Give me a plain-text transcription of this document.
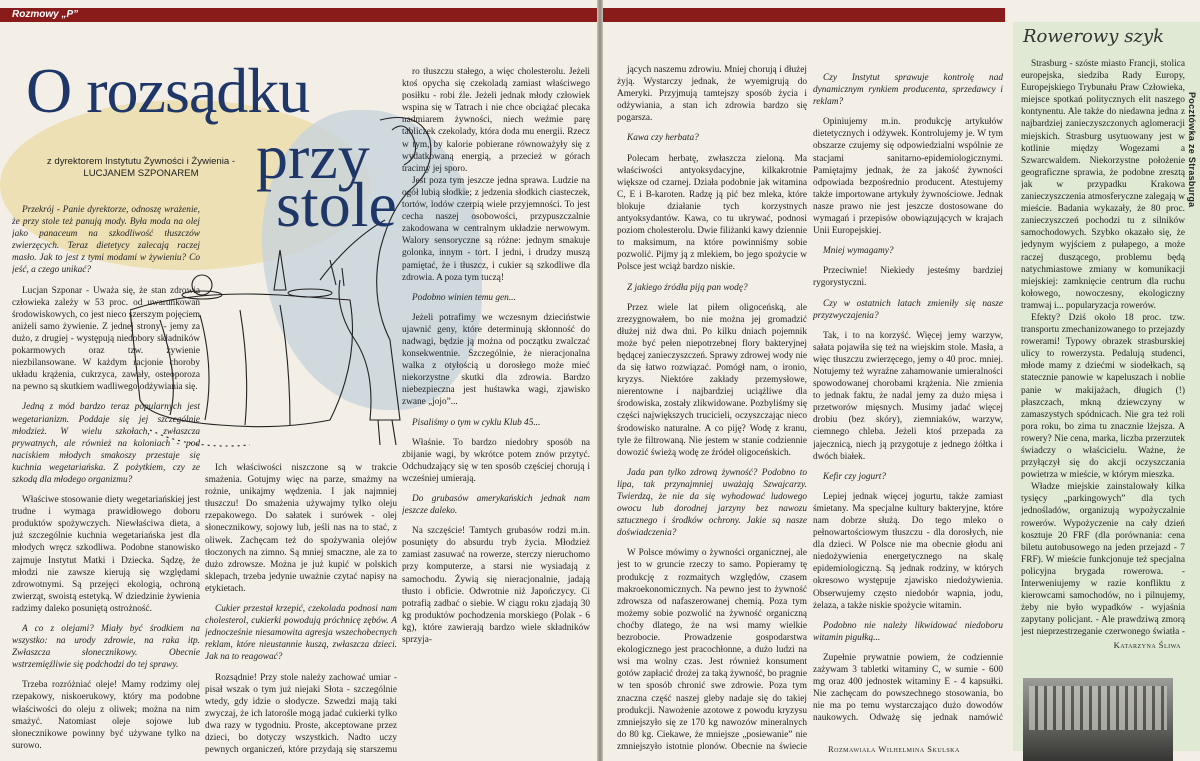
Rozmowy „P”
O rozsądku
przy
stole
z dyrektorem Instytutu Żywności i Żywienia - LUCJANEM SZPONAREM

Przekrój - Panie dyrektorze, odnoszę wrażenie, że przy stole też panują mody. Była moda na olej jako panaceum na szkodliwość tłuszczów zwierzęcych. Teraz dietetycy zalecają raczej masło. Jak to jest z tymi modami w żywieniu? Co jeść, a czego unikać?

Lucjan Szponar - Uważa się, że stan zdrowia człowieka zależy w 53 proc. od uwarunkowań środowiskowych, co jest nieco szerszym pojęciem aniżeli samo żywienie. Z jednej strony - jemy za dużo, z drugiej - występują niedobory składników pokarmowych oraz tzw. żywienie niezbilansowane. W każdym racjonie choroby układu krążenia, cukrzyca, zawały, osteoporoza na pewno są skutkiem wadliwego odżywiania się.

Jedną z mód bardzo teraz popularnych jest wegetarianizm. Poddaje się jej szczególnie młodzież. W wielu szkołach, zwłaszcza prywatnych, ale również na koloniach - pod naciskiem młodych smakoszy przestaje się kuchnia wegetariańska. Z pożytkiem, czy ze szkodą dla młodego organizmu?

Właściwe stosowanie diety wegetariańskiej jest trudne i wymaga prawidłowego doboru produktów spożywczych. Niewłaściwa dieta, a już szczególnie kuchnia wegetariańska jest dla młodych wręcz szkodliwa. Podobne stanowisko zajmuje Instytut Matki i Dziecka. Sądzę, że młodzi nie zawsze kierują się względami zdrowotnymi. Są przejęci ekologią, ochroną zwierząt, swoistą estetyką. W dziedzinie żywienia radzimy daleko posuniętą ostrożność.

A co z olejami? Miały być środkiem na wszystko: na urody zdrowie, na raka itp. Zwłaszcza słonecznikowy. Obecnie wstrzemięźliwie się podchodzi do tej sprawy.

Trzeba rozróżniać oleje! Mamy rodzimy olej rzepakowy, niskoerukowy, który ma podobne właściwości do oleju z oliwek; można na nim smażyć. Natomiast oleje sojowe lub słonecznikowe powinny być używane tylko na surowo.

Ich właściwości niszczone są w trakcie smażenia. Gotujmy więc na parze, smażmy na rożnie, unikajmy wędzenia. I jak najmniej tłuszczu! Do smażenia używajmy tylko oleju rzepakowego. Do sałatek i surówek - olej słonecznikowy, sojowy lub, jeśli nas na to stać, z oliwek. Zachęcam też do spożywania olejów tłoczonych na zimno. Są mniej smaczne, ale za to dużo zdrowsze. Można je już kupić w polskich sklepach, trzeba jedynie uważnie czytać napisy na etykietach.

Cukier przestał krzepić, czekolada podnosi nam cholesterol, cukierki powodują próchnicę zębów. A jednocześnie niesamowita agresja wszechobecnych reklam, które nieustannie kuszą, zwłaszcza dzieci. Jak na to reagować?

Rozsądnie! Przy stole należy zachować umiar - pisał wszak o tym już niejaki Słota - szczególnie wtedy, gdy idzie o słodycze. Szwedzi mają taki zwyczaj, że ich latorośle mogą jadać cukierki tylko dwa razy w tygodniu. Proste, akceptowane przez dzieci, bo dotyczy wszystkich. Nadto uczy pewnych organiczeń, które przydają się starszemu

ro tłuszczu stałego, a więc cholesterolu. Jeżeli ktoś opycha się czekoladą zamiast właściwego posiłku - robi źle. Jeżeli jednak młody człowiek wspina się w Tatrach i nie chce obciążać plecaka nadmiarem żywności, niech weźmie parę tabliczek czekolady, która doda mu energii. Rzecz w tym, by kalorie pobierane równoważyły się z wydatkowaną energią, a przecież w górach tracimy jej sporo.

Jest poza tym jeszcze jedna sprawa. Ludzie na ogół lubią słodkie; z jedzenia słodkich ciasteczek, tortów, lodów czerpią wiele przyjemności. To jest cecha naszej osobowości, przypuszczalnie zakodowana w centralnym układzie nerwowym. Walory sensoryczne są różne: jednym smakuje golonka, innym - tort. I jedni, i drudzy muszą pamiętać, że i tłuszcz, i cukier są szkodliwe dla zdrowia. A poza tym tuczą!

Podobno winien temu gen...

Jeżeli potrafimy we wczesnym dzieciństwie ujawnić geny, które determinują skłonność do nadwagi, będzie ją można od początku zwalczać konsekwentnie. Szczególnie, że nieracjonalna walka z otyłością u dorosłego może mieć niekorzystne skutki dla zdrowia. Bardzo niebezpieczna jest huśtawka wagi, zjawisko zwane „jojo”...

Pisaliśmy o tym w cyklu Klub 45...

Właśnie. To bardzo niedobry sposób na zbijanie wagi, by wkrótce potem znów przytyć. Odchudzający się w ten sposób częściej chorują i wcześniej umierają.

Do grubasów amerykańskich jednak nam jeszcze daleko.

Na szczęście! Tamtych grubasów rodzi m.in. posunięty do absurdu tryb życia. Młodzież zamiast zasuwać na rowerze, sterczy nieruchomo przy komputerze, a starsi nie wysiadają z samochodu. Żywią się nieracjonalnie, jadają tłusto i obficie. Odwrotnie niż Japończycy. Ci potrafią zadbać o siebie. W ciągu roku zjadają 30 kg produktów pochodzenia morskiego (Polak - 6 kg), które zawierają bardzo wiele składników sprzyja-

jących naszemu zdrowiu. Mniej chorują i dłużej żyją. Wystarczy jednak, że wyemigrują do Ameryki. Przyjmują tamtejszy sposób życia i odżywiania, a stan ich zdrowia bardzo się pogarsza.

Kawa czy herbata?

Polecam herbatę, zwłaszcza zieloną. Ma właściwości antyoksydacyjne, kilkakrotnie większe od czarnej. Działa podobnie jak witamina C, E i B-karoten. Radzę ją pić bez mleka, które blokuje działanie tych korzystnych antyoksydantów. Kawa, co tu ukrywać, podnosi poziom cholesterolu. Dwie filiżanki kawy dziennie to maksimum, na które powinniśmy sobie pozwolić. Pijmy ją z mlekiem, bo jego spożycie w Polsce jest wciąż bardzo niskie.

Z jakiego źródła piją pan wodę?

Przez wiele lat piłem oligoceńską, ale zrezygnowałem, bo nie można jej gromadzić dłużej niż dwa dni. Po kilku dniach pojemnik może być pełen niepotrzebnej flory bakteryjnej będącej zanieczyszczeń. Sprawy zdrowej wody nie da się łatwo rozwiązać. Pomógł nam, o ironio, kryzys. Niektóre zakłady przemysłowe, nierentowne i najbardziej uciążliwe dla środowiska, zostały zlikwidowane. Pozbyliśmy się części największych trucicieli, oczyszczając nieco środowisko naturalne. A co piję? Wodę z kranu, tyle że filtrowaną. Nie jestem w stanie codziennie dowozić świeżą wodę ze źródeł oligoceńskich.

Jada pan tylko zdrową żywność? Podobno to lipa, tak przynajmniej uważają Szwajcarzy. Twierdzą, że nie da się wyhodować ludowego owocu lub dorodnej jarzyny bez nawozu sztucznego i środków ochrony. Jakie są nasze doświadczenia?

W Polsce mówimy o żywności organicznej, ale jest to w gruncie rzeczy to samo. Popieramy tę produkcję z rozmaitych względów, czasem makroekonomicznych. Na pewno jest to żywność zdrowsza od nafaszerowanej chemią. Poza tym możemy sobie pozwolić na żywność organiczną choćby dlatego, że na wsi mamy wielkie bezrobocie. Prowadzenie gospodarstwa ekologicznego jest pracochłonne, a dużo ludzi na wsi ma wolny czas. Jest również konsument gotów zapłacić drożej za taką żywność, bo pragnie w ten sposób chronić swe zdrowie. Poza tym znaczna część naszej gleby nadaje się do takiej produkcji. Nawożenie azotowe z powodu kryzysu zmniejszyło się ze 170 kg nawozów mineralnych do 80 kg. Ciekawe, że mniejsze „posiewanie” nie zmniejszyło istotnie plonów. Obecnie na świecie

Czy Instytut sprawuje kontrolę nad dynamicznym rynkiem producenta, sprzedawcy i reklam?

Opiniujemy m.in. produkcję artykułów dietetycznych i odżywek. Kontrolujemy je. W tym obszarze czujemy się odpowiedzialni wspólnie ze stacjami sanitarno-epidemiologicznymi. Pamiętajmy jednak, że za jakość żywności odpowiada bezpośrednio producent. Atestujemy także importowane artykuły żywnościowe. Jednak nasze prawo nie jest jeszcze dostosowane do wymagań i przepisów obowiązujących w krajach Unii Europejskiej.

Mniej wymagamy?

Przeciwnie! Niekiedy jesteśmy bardziej rygorystyczni.

Czy w ostatnich latach zmieniły się nasze przyzwyczajenia?

Tak, i to na korzyść. Więcej jemy warzyw, sałata pojawiła się też na wiejskim stole. Masła, a więc tłuszczu zwierzęcego, jemy o 40 proc. mniej. Notujemy też wyraźne zahamowanie umieralności spowodowanej chorobami krążenia. Nie zmienia to jednak faktu, że nadal jemy za dużo mięsa i przetworów mięsnych. Musimy jadać więcej drobiu (bez skóry), ziemniaków, warzyw, ciemnego chleba. Jeżeli ktoś przepada za jajecznicą, niech ją przygotuje z jednego żółtka i dwóch białek.

Kefir czy jogurt?

Lepiej jednak więcej jogurtu, także zamiast śmietany. Ma specjalne kultury bakteryjne, które nam dobrze służą. Do tego mleko o pełnowartościowym tłuszczu - dla dorosłych, nie dla dzieci. W Polsce nie ma obecnie głodu ani niedożywienia energetycznego na skalę epidemiologiczną. Są jednak rodziny, w których okresowo występuje zjawisko niedożywienia. Obserwujemy często niedobór wapnia, jodu, żelaza, a także niskie spożycie witamin.

Podobno nie należy likwidować niedoboru witamin pigułką...

Zupełnie prywatnie powiem, że codziennie zażywam 3 tabletki witaminy C, w sumie - 600 mg oraz 400 jednostek witaminy E - 4 kapsułki. Nie zachęcam do powszechnego stosowania, bo nie ma po temu wystarczająco dużo dowodów naukowych. Odważę się jednak namówić

Rozmawiała Wilhelmina Skulska
Rowerowy szyk
Pocztówka ze Strasburga

Strasburg - szóste miasto Francji, stolica europejska, siedziba Rady Europy, Europejskiego Trybunału Praw Człowieka, miejsce spotkań politycznych elit naszego kontynentu. Ale także do niedawna jedna z najbardziej zanieczyszczonych aglomeracji miejskich. Strasburg usytuowany jest w kotlinie między Wogezami a Szwarcwaldem. Niekorzystne położenie geograficzne sprawia, że podobne zresztą jak w przypadku Krakowa zanieczyszczenia atmosferyczne zalegają w mieście. Badania wykazały, że 80 proc. zanieczyszczeń pochodzi tu z silników samochodowych. Szybko okazało się, że jedynym wyjściem z pułapego, a może raczej duszącego, problemu będą natychmiastowe zmiany w komunikacji miejskiej: zamknięcie centrum dla ruchu kołowego, nowoczesny, ekologiczny tramwaj i... popularyzacja rowerów.

Efekty? Dziś około 18 proc. tzw. transportu zmechanizowanego to przejazdy rowerami! Typowy obrazek strasburskiej ulicy to rowerzysta. Pedalują studenci, młode mamy z dziećmi w siodełkach, są statecznie panowie w kapeluszach i noblie panie w makijażach, długich (!) płaszczach, mkną dziewczyny w zamaszystych spódnicach. Nie gra też roli pora roku, bo zima tu znacznie lżejsza. A rowery? Nie cena, marka, liczba przerzutek świadczy o właścicielu. Ważne, że przyłączył się do akcji oczyszczania powietrza w mieście, w którym mieszka.

Władze miejskie zainstalowały kilka tysięcy „parkingowych” dla tych jednośladów, organizują wypożyczalnie rowerów. Wypożyczenie na cały dzień kosztuje 20 FRF (dla porównania: cena biletu autobusowego na jeden przejazd - 7 FRF). W mieście funkcjonuje też specjalna policyjna brygada rowerowa. - Interweniujemy w razie konfliktu z kierowcami samochodów, no i pilnujemy, żeby nie było wypadków - wyjaśnia zapytany policjant. - Ale prawdziwą zmorą jest nieprzestrzeganie czerwonego światła -

Katarzyna Śliwa
